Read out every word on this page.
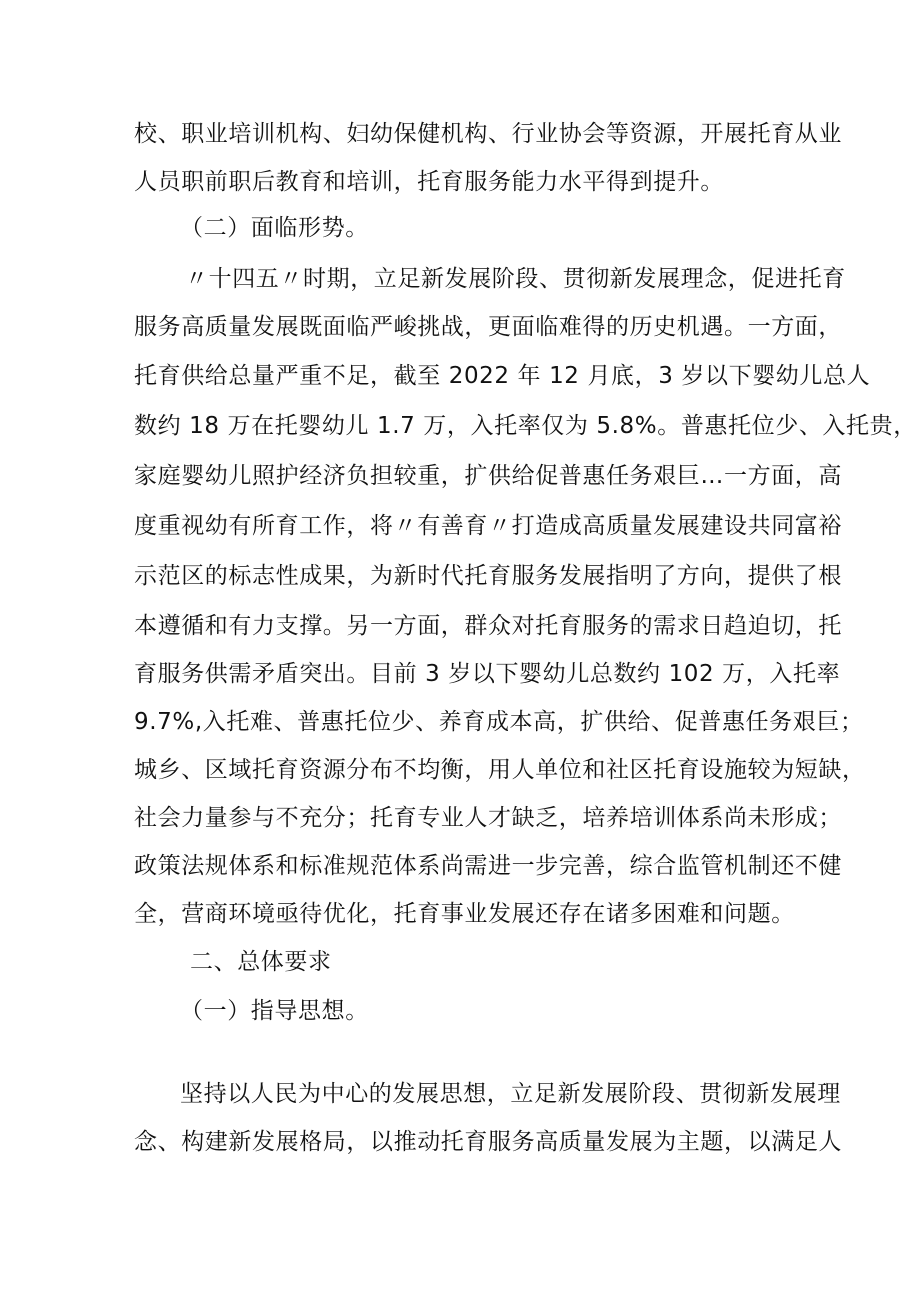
校、职业培训机构、妇幼保健机构、行业协会等资源，开展托育从业
人员职前职后教育和培训，托育服务能力水平得到提升。
（二）面临形势。
〃十四五〃时期，立足新发展阶段、贯彻新发展理念，促进托育
服务高质量发展既面临严峻挑战，更面临难得的历史机遇。一方面，
托育供给总量严重不足，截至 2022 年 12 月底，3 岁以下婴幼儿总人
数约 18 万在托婴幼儿 1.7 万，入托率仅为 5.8%。普惠托位少、入托贵，
家庭婴幼儿照护经济负担较重，扩供给促普惠任务艰巨…一方面，高
度重视幼有所育工作，将〃有善育〃打造成高质量发展建设共同富裕
示范区的标志性成果，为新时代托育服务发展指明了方向，提供了根
本遵循和有力支撑。另一方面，群众对托育服务的需求日趋迫切，托
育服务供需矛盾突出。目前 3 岁以下婴幼儿总数约 102 万，入托率
9.7%,入托难、普惠托位少、养育成本高，扩供给、促普惠任务艰巨；
城乡、区域托育资源分布不均衡，用人单位和社区托育设施较为短缺，
社会力量参与不充分；托育专业人才缺乏，培养培训体系尚未形成；
政策法规体系和标准规范体系尚需进一步完善，综合监管机制还不健
全，营商环境亟待优化，托育事业发展还存在诸多困难和问题。
二、总体要求
（一）指导思想。
坚持以人民为中心的发展思想，立足新发展阶段、贯彻新发展理
念、构建新发展格局，以推动托育服务高质量发展为主题，以满足人
